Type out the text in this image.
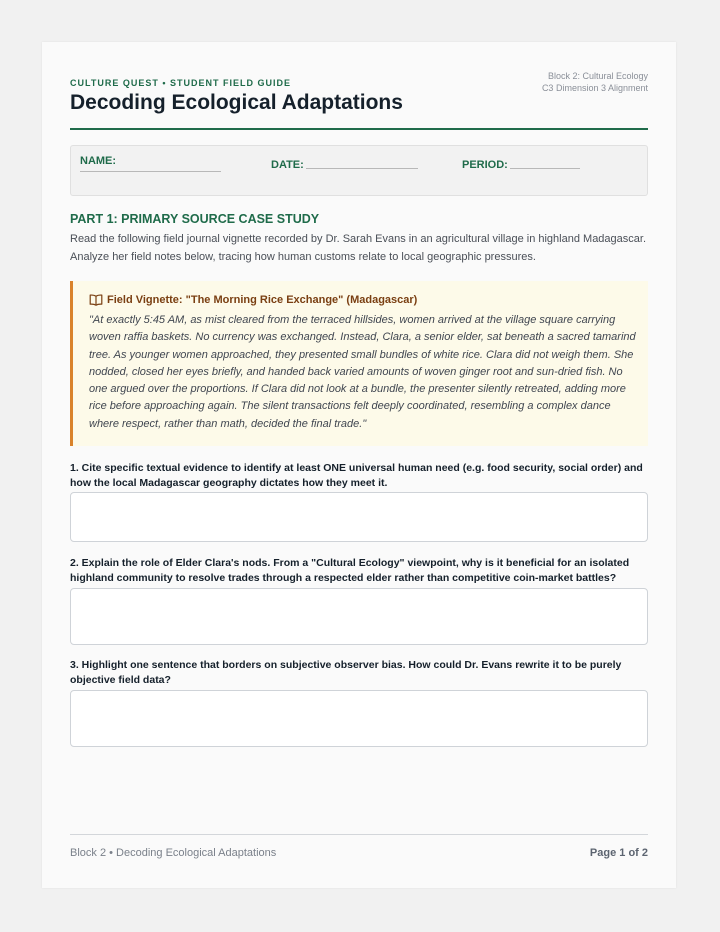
Block 2: Cultural Ecology
C3 Dimension 3 Alignment
CULTURE QUEST • STUDENT FIELD GUIDE
Decoding Ecological Adaptations
NAME:	DATE:	PERIOD:
PART 1: PRIMARY SOURCE CASE STUDY
Read the following field journal vignette recorded by Dr. Sarah Evans in an agricultural village in highland Madagascar. Analyze her field notes below, tracing how human customs relate to local geographic pressures.
Field Vignette: "The Morning Rice Exchange" (Madagascar)
"At exactly 5:45 AM, as mist cleared from the terraced hillsides, women arrived at the village square carrying woven raffia baskets. No currency was exchanged. Instead, Clara, a senior elder, sat beneath a sacred tamarind tree. As younger women approached, they presented small bundles of white rice. Clara did not weigh them. She nodded, closed her eyes briefly, and handed back varied amounts of woven ginger root and sun-dried fish. No one argued over the proportions. If Clara did not look at a bundle, the presenter silently retreated, adding more rice before approaching again. The silent transactions felt deeply coordinated, resembling a complex dance where respect, rather than math, decided the final trade."
1. Cite specific textual evidence to identify at least ONE universal human need (e.g. food security, social order) and how the local Madagascar geography dictates how they meet it.
2. Explain the role of Elder Clara's nods. From a "Cultural Ecology" viewpoint, why is it beneficial for an isolated highland community to resolve trades through a respected elder rather than competitive coin-market battles?
3. Highlight one sentence that borders on subjective observer bias. How could Dr. Evans rewrite it to be purely objective field data?
Block 2 • Decoding Ecological Adaptations	Page 1 of 2
